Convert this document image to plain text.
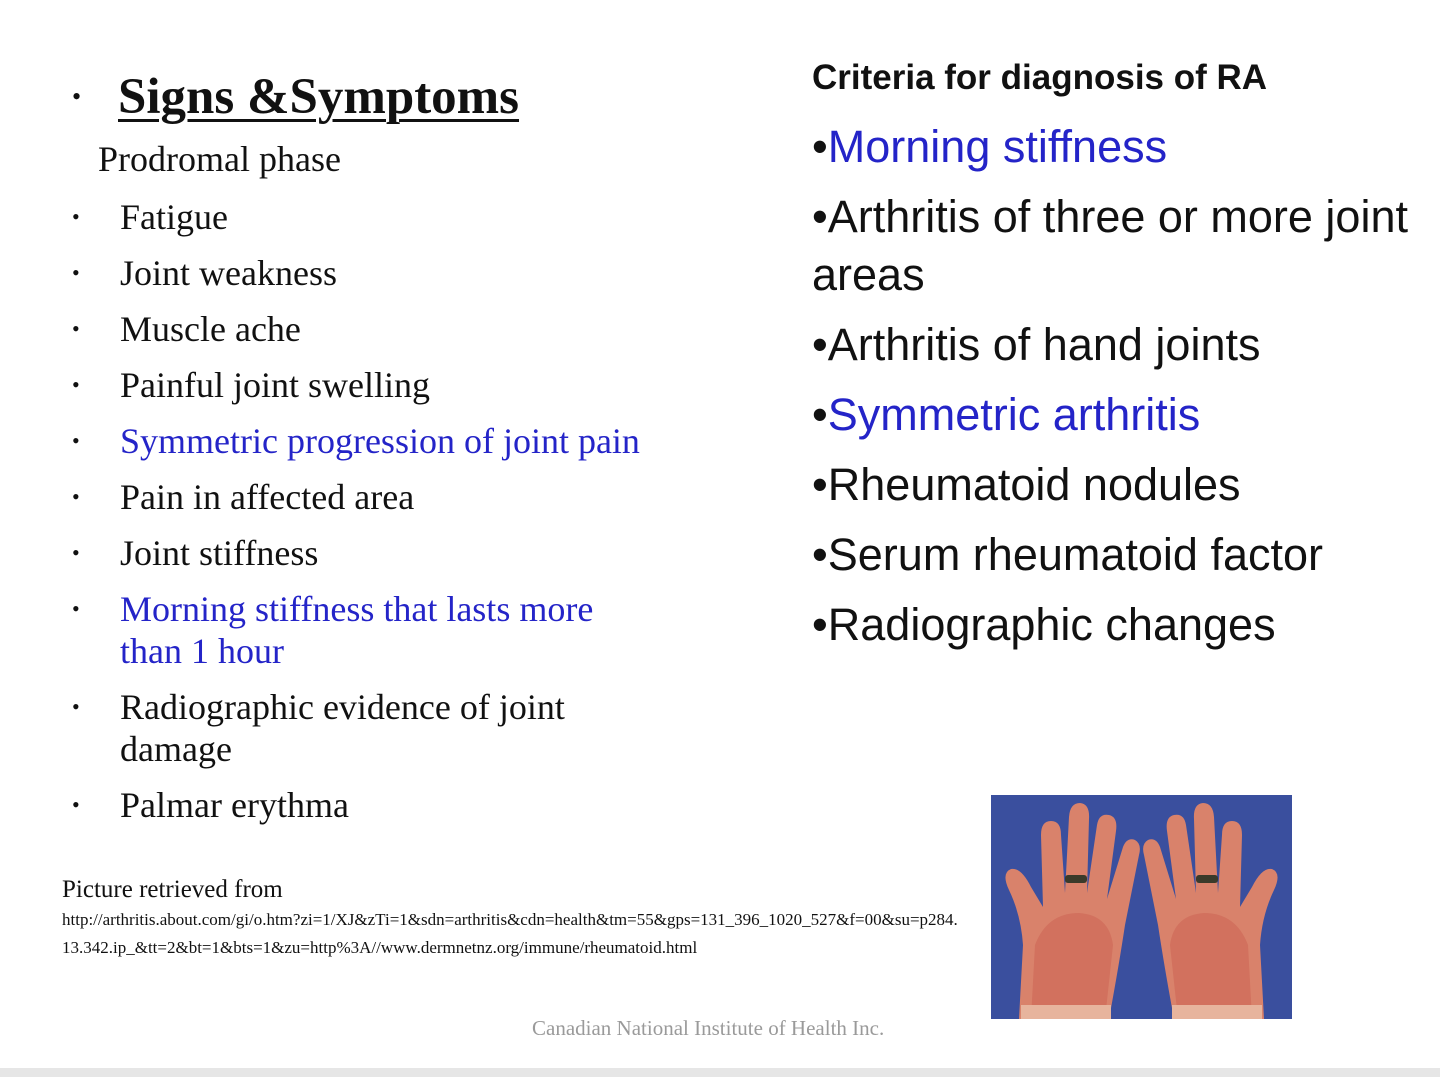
• Signs &Symptoms
Prodromal phase
• Fatigue
• Joint weakness
• Muscle ache
• Painful joint swelling
• Symmetric progression of joint pain
• Pain in affected area
• Joint stiffness
• Morning stiffness that lasts more than 1 hour
• Radiographic evidence of joint damage
• Palmar erythma
Picture retrieved from
http://arthritis.about.com/gi/o.htm?zi=1/XJ&zTi=1&sdn=arthritis&cdn=health&tm=55&gps=131_396_1020_527&f=00&su=p284.13.342.ip_&tt=2&bt=1&bts=1&zu=http%3A//www.dermnetnz.org/immune/rheumatoid.html
Canadian National Institute of Health Inc.
Criteria for diagnosis of RA
•Morning stiffness
•Arthritis of three or more joint areas
•Arthritis of hand joints
•Symmetric arthritis
•Rheumatoid nodules
•Serum rheumatoid factor
•Radiographic changes
